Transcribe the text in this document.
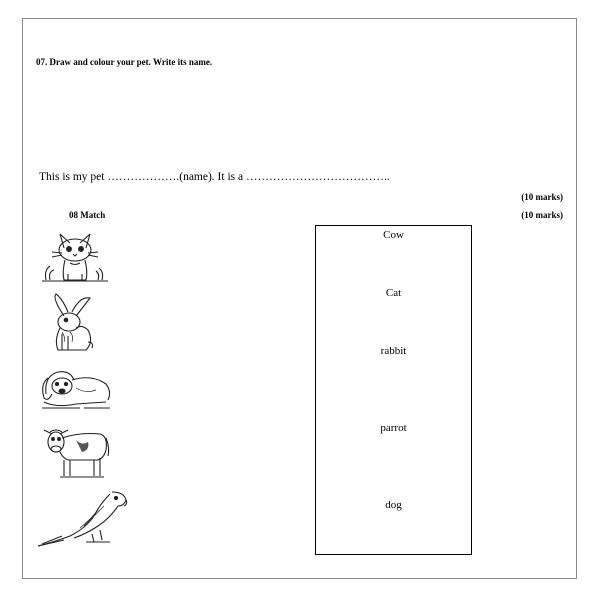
07. Draw and colour your pet. Write its name.
This is my pet ……………….(name). It is a ………………………………..
(10 marks)
08 Match	(10 marks)
Cow
Cat
rabbit
parrot
dog
